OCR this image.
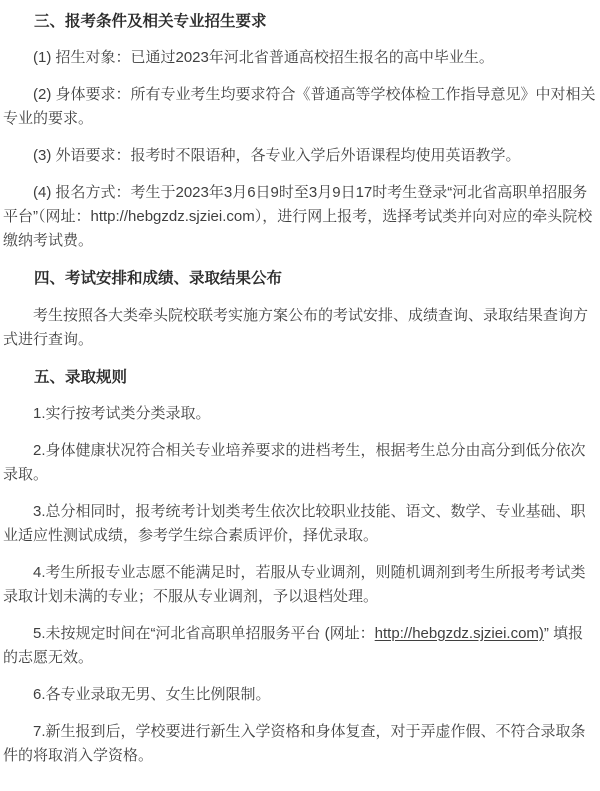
三、报考条件及相关专业招生要求

(1) 招生对象：已通过2023年河北省普通高校招生报名的高中毕业生。

(2) 身体要求：所有专业考生均要求符合《普通高等学校体检工作指导意见》中对相关专业的要求。

(3) 外语要求：报考时不限语种，各专业入学后外语课程均使用英语教学。

(4) 报名方式：考生于2023年3月6日9时至3月9日17时考生登录“河北省高职单招服务平台”（网址：http://hebgzdz.sjziei.com），进行网上报考，选择考试类并向对应的牵头院校缴纳考试费。

四、考试安排和成绩、录取结果公布

考生按照各大类牵头院校联考实施方案公布的考试安排、成绩查询、录取结果查询方式进行查询。

五、录取规则

1.实行按考试类分类录取。

2.身体健康状况符合相关专业培养要求的进档考生，根据考生总分由高分到低分依次录取。

3.总分相同时，报考统考计划类考生依次比较职业技能、语文、数学、专业基础、职业适应性测试成绩，参考学生综合素质评价，择优录取。

4.考生所报专业志愿不能满足时，若服从专业调剂，则随机调剂到考生所报考考试类录取计划未满的专业；不服从专业调剂，予以退档处理。

5.未按规定时间在“河北省高职单招服务平台 (网址：http://hebgzdz.sjziei.com)” 填报的志愿无效。

6.各专业录取无男、女生比例限制。

7.新生报到后，学校要进行新生入学资格和身体复查，对于弄虚作假、不符合录取条件的将取消入学资格。
